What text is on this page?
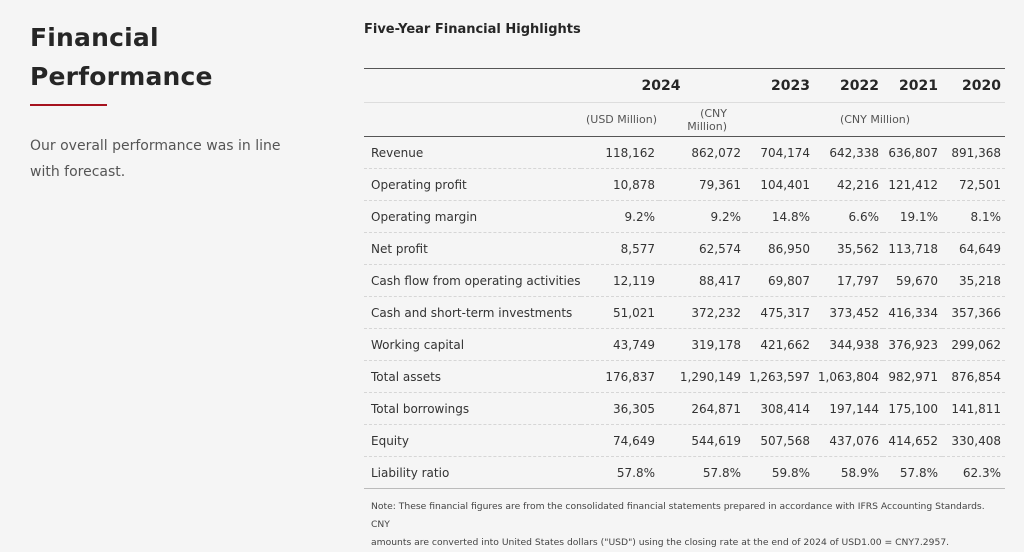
Financial
Performance
Our overall performance was in line
with forecast.
Five-Year Financial Highlights
	2024		2023	2022	2021	2020
	(USD Million)	(CNY Million)	(CNY Million)			
Revenue	118,162	862,072	704,174	642,338	636,807	891,368
Operating profit	10,878	79,361	104,401	42,216	121,412	72,501
Operating margin	9.2%	9.2%	14.8%	6.6%	19.1%	8.1%
Net profit	8,577	62,574	86,950	35,562	113,718	64,649
Cash flow from operating activities	12,119	88,417	69,807	17,797	59,670	35,218
Cash and short-term investments	51,021	372,232	475,317	373,452	416,334	357,366
Working capital	43,749	319,178	421,662	344,938	376,923	299,062
Total assets	176,837	1,290,149	1,263,597	1,063,804	982,971	876,854
Total borrowings	36,305	264,871	308,414	197,144	175,100	141,811
Equity	74,649	544,619	507,568	437,076	414,652	330,408
Liability ratio	57.8%	57.8%	59.8%	58.9%	57.8%	62.3%
Note: These financial figures are from the consolidated financial statements prepared in accordance with IFRS Accounting Standards. CNY
amounts are converted into United States dollars ("USD") using the closing rate at the end of 2024 of USD1.00 = CNY7.2957.
